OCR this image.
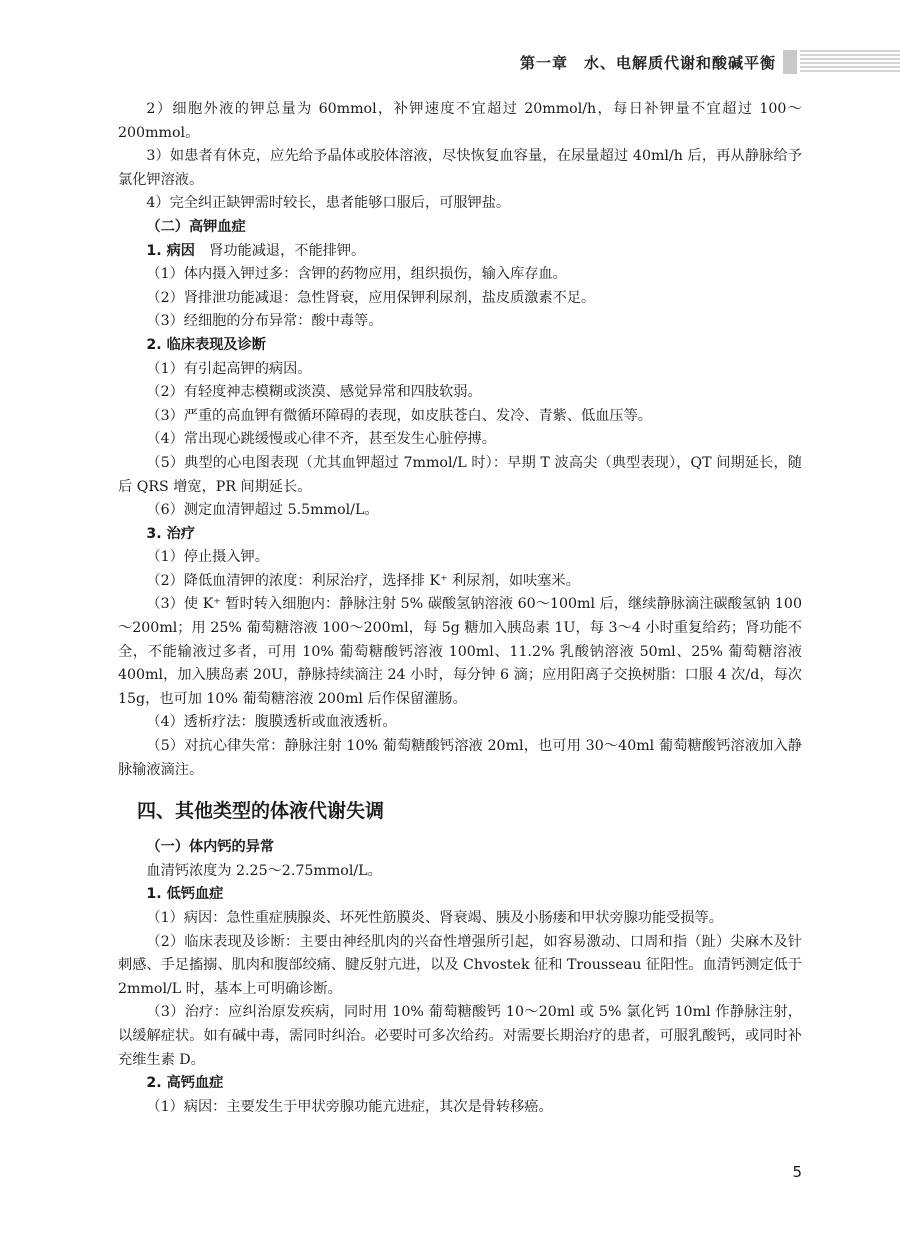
第一章　水、电解质代谢和酸碱平衡

2）细胞外液的钾总量为 60mmol，补钾速度不宜超过 20mmol/h，每日补钾量不宜超过 100～200mmol。

3）如患者有休克，应先给予晶体或胶体溶液，尽快恢复血容量，在尿量超过 40ml/h 后，再从静脉给予氯化钾溶液。

4）完全纠正缺钾需时较长，患者能够口服后，可服钾盐。

（二）高钾血症

1. 病因　肾功能减退，不能排钾。

（1）体内摄入钾过多：含钾的药物应用，组织损伤，输入库存血。

（2）肾排泄功能减退：急性肾衰，应用保钾利尿剂，盐皮质激素不足。

（3）经细胞的分布异常：酸中毒等。

2. 临床表现及诊断

（1）有引起高钾的病因。

（2）有轻度神志模糊或淡漠、感觉异常和四肢软弱。

（3）严重的高血钾有微循环障碍的表现，如皮肤苍白、发冷、青紫、低血压等。

（4）常出现心跳缓慢或心律不齐，甚至发生心脏停搏。

（5）典型的心电图表现（尤其血钾超过 7mmol/L 时）：早期 T 波高尖（典型表现），QT 间期延长，随后 QRS 增宽，PR 间期延长。

（6）测定血清钾超过 5.5mmol/L。

3. 治疗

（1）停止摄入钾。

（2）降低血清钾的浓度：利尿治疗，选择排 K⁺ 利尿剂，如呋塞米。

（3）使 K⁺ 暂时转入细胞内：静脉注射 5% 碳酸氢钠溶液 60～100ml 后，继续静脉滴注碳酸氢钠 100～200ml；用 25% 葡萄糖溶液 100～200ml，每 5g 糖加入胰岛素 1U，每 3～4 小时重复给药；肾功能不全，不能输液过多者，可用 10% 葡萄糖酸钙溶液 100ml、11.2% 乳酸钠溶液 50ml、25% 葡萄糖溶液 400ml，加入胰岛素 20U，静脉持续滴注 24 小时，每分钟 6 滴；应用阳离子交换树脂：口服 4 次/d，每次 15g，也可加 10% 葡萄糖溶液 200ml 后作保留灌肠。

（4）透析疗法：腹膜透析或血液透析。

（5）对抗心律失常：静脉注射 10% 葡萄糖酸钙溶液 20ml，也可用 30～40ml 葡萄糖酸钙溶液加入静脉输液滴注。

四、其他类型的体液代谢失调

（一）体内钙的异常

血清钙浓度为 2.25～2.75mmol/L。

1. 低钙血症

（1）病因：急性重症胰腺炎、坏死性筋膜炎、肾衰竭、胰及小肠瘘和甲状旁腺功能受损等。

（2）临床表现及诊断：主要由神经肌肉的兴奋性增强所引起，如容易激动、口周和指（趾）尖麻木及针刺感、手足搐搦、肌肉和腹部绞痛、腱反射亢进，以及 Chvostek 征和 Trousseau 征阳性。血清钙测定低于 2mmol/L 时，基本上可明确诊断。

（3）治疗：应纠治原发疾病，同时用 10% 葡萄糖酸钙 10～20ml 或 5% 氯化钙 10ml 作静脉注射，以缓解症状。如有碱中毒，需同时纠治。必要时可多次给药。对需要长期治疗的患者，可服乳酸钙，或同时补充维生素 D。

2. 高钙血症

（1）病因：主要发生于甲状旁腺功能亢进症，其次是骨转移癌。

5
